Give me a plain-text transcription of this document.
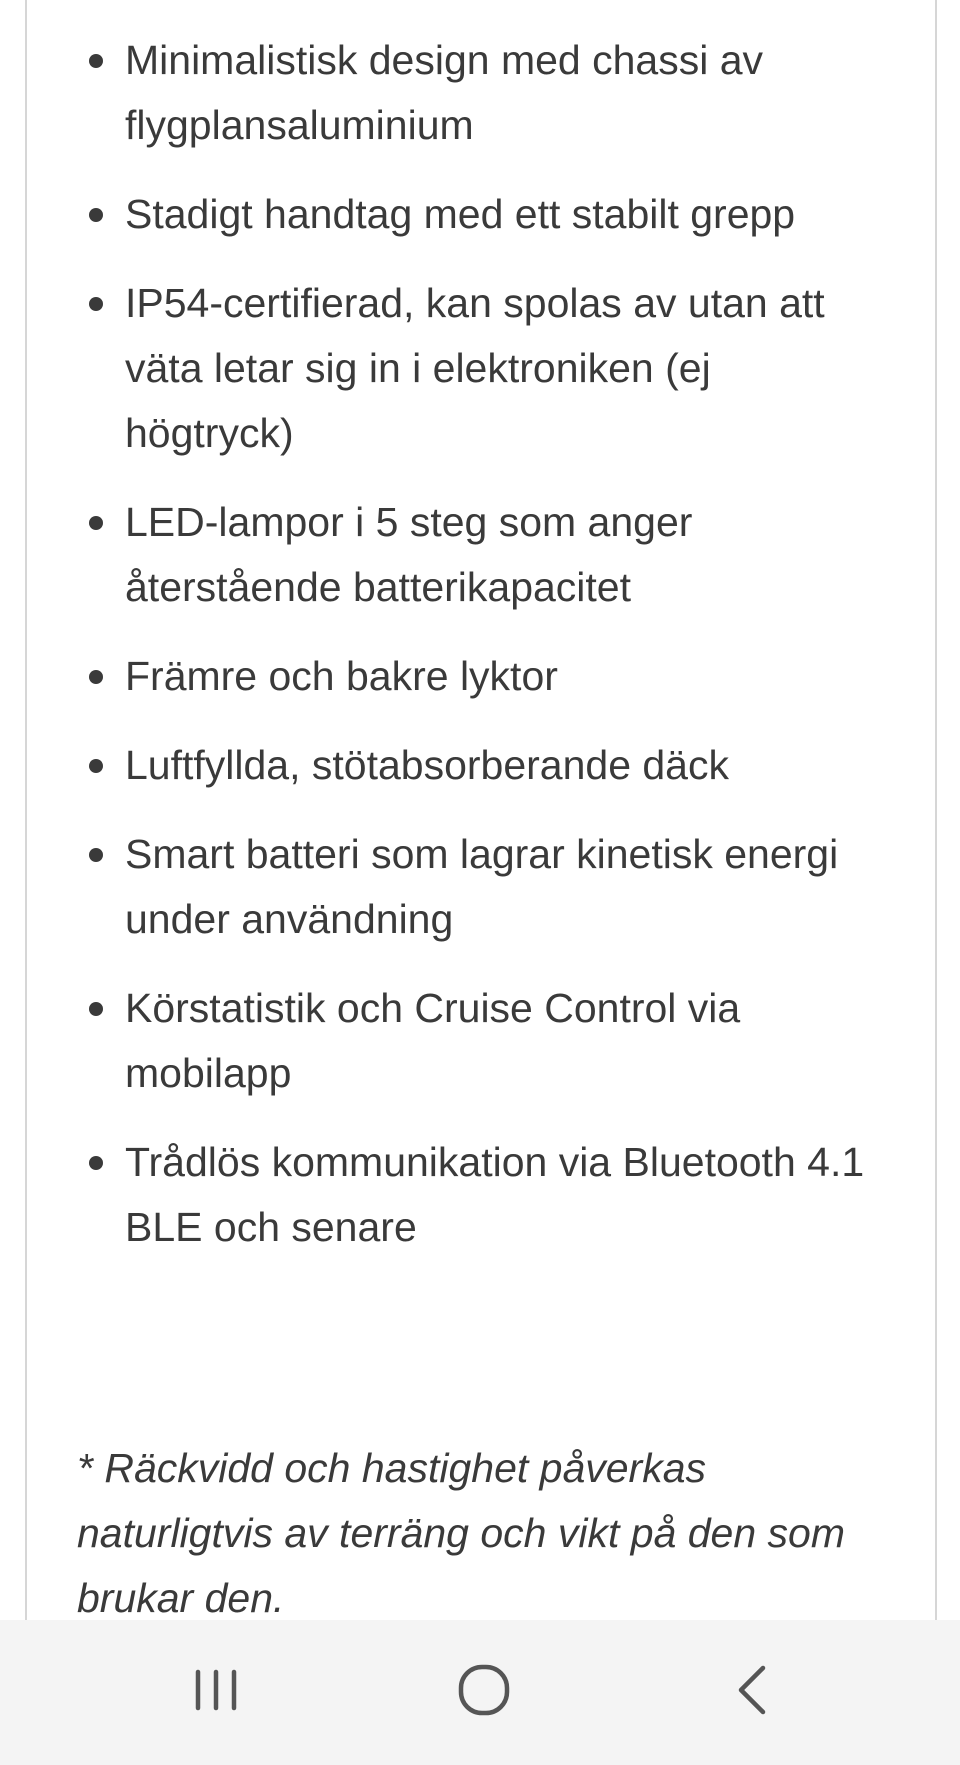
Minimalistisk design med chassi av flygplansaluminium
Stadigt handtag med ett stabilt grepp
IP54-certifierad, kan spolas av utan att väta letar sig in i elektroniken (ej högtryck)
LED-lampor i 5 steg som anger återstående batterikapacitet
Främre och bakre lyktor
Luftfyllda, stötabsorberande däck
Smart batteri som lagrar kinetisk energi under användning
Körstatistik och Cruise Control via mobilapp
Trådlös kommunikation via Bluetooth 4.1 BLE och senare

* Räckvidd och hastighet påverkas naturligtvis av terräng och vikt på den som brukar den.
